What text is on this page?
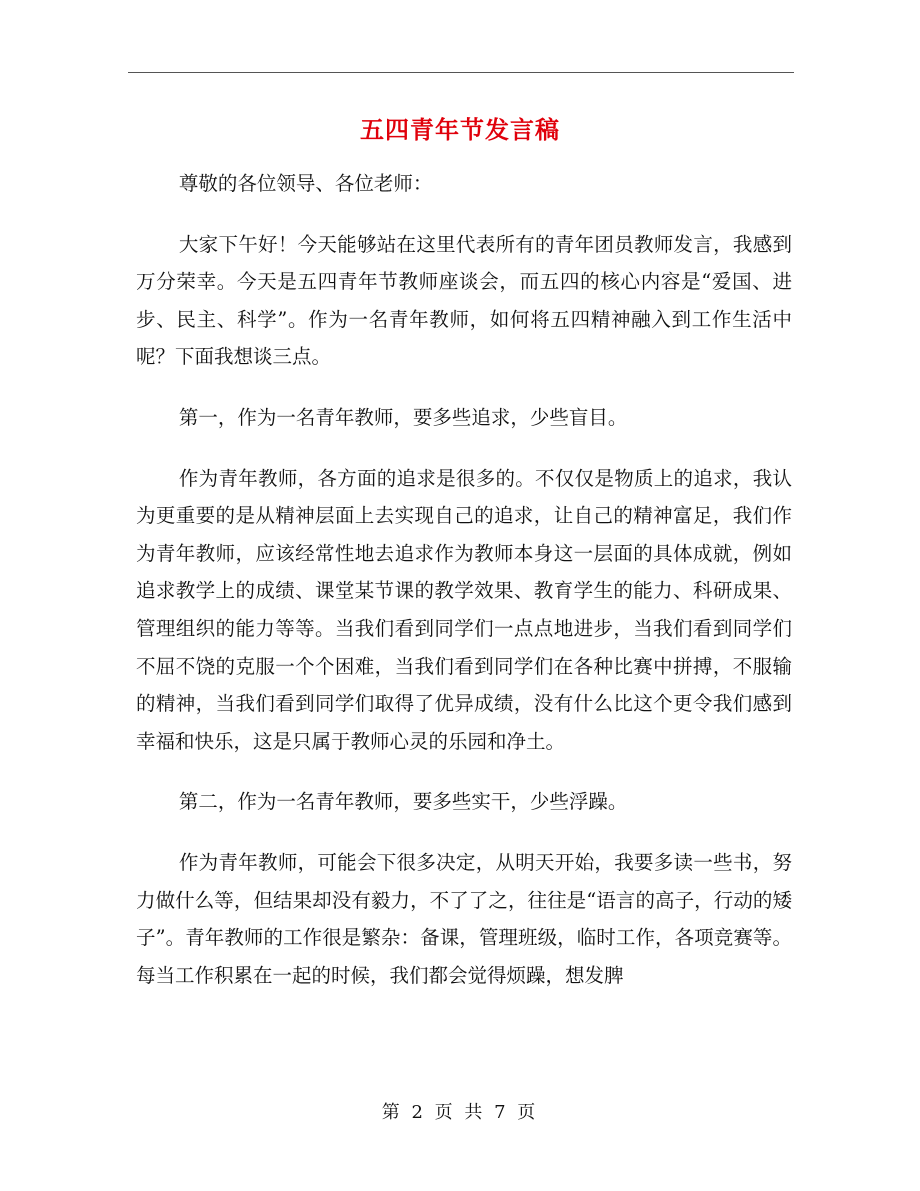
五四青年节发言稿

尊敬的各位领导、各位老师：

大家下午好！今天能够站在这里代表所有的青年团员教师发言，我感到万分荣幸。今天是五四青年节教师座谈会，而五四的核心内容是“爱国、进步、民主、科学”。作为一名青年教师，如何将五四精神融入到工作生活中呢？下面我想谈三点。

第一，作为一名青年教师，要多些追求，少些盲目。

作为青年教师，各方面的追求是很多的。不仅仅是物质上的追求，我认为更重要的是从精神层面上去实现自己的追求，让自己的精神富足，我们作为青年教师，应该经常性地去追求作为教师本身这一层面的具体成就，例如追求教学上的成绩、课堂某节课的教学效果、教育学生的能力、科研成果、管理组织的能力等等。当我们看到同学们一点点地进步，当我们看到同学们不屈不饶的克服一个个困难，当我们看到同学们在各种比赛中拼搏，不服输的精神，当我们看到同学们取得了优异成绩，没有什么比这个更令我们感到幸福和快乐，这是只属于教师心灵的乐园和净土。

第二，作为一名青年教师，要多些实干，少些浮躁。

作为青年教师，可能会下很多决定，从明天开始，我要多读一些书，努力做什么等，但结果却没有毅力，不了了之，往往是“语言的高子，行动的矮子”。青年教师的工作很是繁杂：备课，管理班级，临时工作，各项竞赛等。每当工作积累在一起的时候，我们都会觉得烦躁，想发脾

第 2 页 共 7 页
